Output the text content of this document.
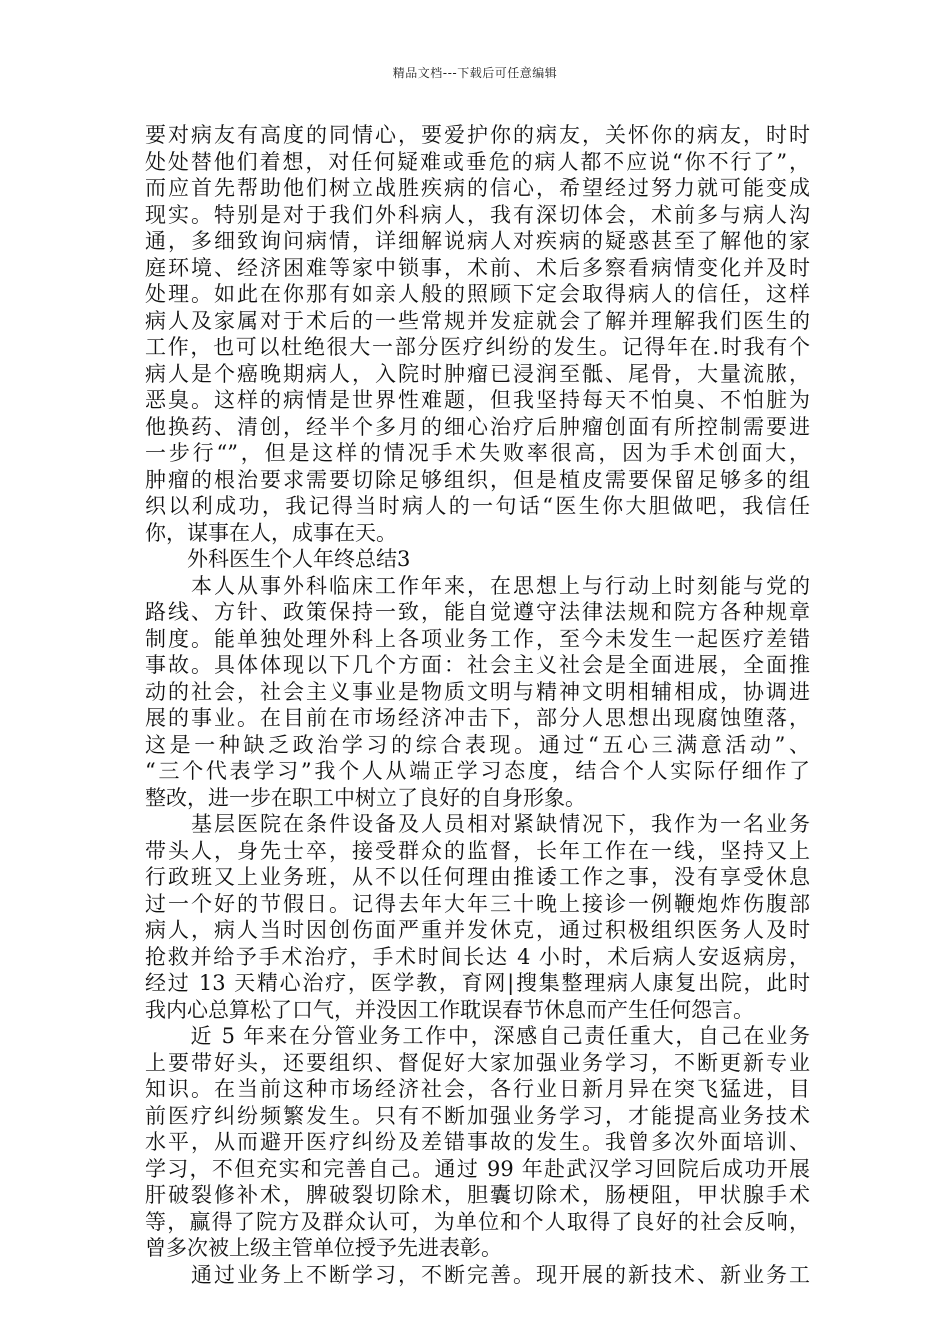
精品文档---下载后可任意编辑
要对病友有高度的同情心，要爱护你的病友，关怀你的病友，时时
处处替他们着想，对任何疑难或垂危的病人都不应说“你不行了”，
而应首先帮助他们树立战胜疾病的信心，希望经过努力就可能变成
现实。特别是对于我们外科病人，我有深切体会，术前多与病人沟
通，多细致询问病情，详细解说病人对疾病的疑惑甚至了解他的家
庭环境、经济困难等家中锁事，术前、术后多察看病情变化并及时
处理。如此在你那有如亲人般的照顾下定会取得病人的信任，这样
病人及家属对于术后的一些常规并发症就会了解并理解我们医生的
工作，也可以杜绝很大一部分医疗纠纷的发生。记得年在.时我有个
病人是个癌晚期病人，入院时肿瘤已浸润至骶、尾骨，大量流脓，
恶臭。这样的病情是世界性难题，但我坚持每天不怕臭、不怕脏为
他换药、清创，经半个多月的细心治疗后肿瘤创面有所控制需要进
一步行“”，但是这样的情况手术失败率很高，因为手术创面大，
肿瘤的根治要求需要切除足够组织，但是植皮需要保留足够多的组
织以利成功，我记得当时病人的一句话“医生你大胆做吧，我信任
你，谋事在人，成事在天。
　　外科医生个人年终总结3
　　本人从事外科临床工作年来，在思想上与行动上时刻能与党的
路线、方针、政策保持一致，能自觉遵守法律法规和院方各种规章
制度。能单独处理外科上各项业务工作，至今未发生一起医疗差错
事故。具体体现以下几个方面：社会主义社会是全面进展，全面推
动的社会，社会主义事业是物质文明与精神文明相辅相成，协调进
展的事业。在目前在市场经济冲击下，部分人思想出现腐蚀堕落，
这是一种缺乏政治学习的综合表现。通过“五心三满意活动”、
“三个代表学习”我个人从端正学习态度，结合个人实际仔细作了
整改，进一步在职工中树立了良好的自身形象。
　　基层医院在条件设备及人员相对紧缺情况下，我作为一名业务
带头人，身先士卒，接受群众的监督，长年工作在一线，坚持又上
行政班又上业务班，从不以任何理由推诿工作之事，没有享受休息
过一个好的节假日。记得去年大年三十晚上接诊一例鞭炮炸伤腹部
病人，病人当时因创伤面严重并发休克，通过积极组织医务人及时
抢救并给予手术治疗，手术时间长达 4 小时，术后病人安返病房，
经过 13 天精心治疗，医学教，育网|搜集整理病人康复出院，此时
我内心总算松了口气，并没因工作耽误春节休息而产生任何怨言。
　　近 5 年来在分管业务工作中，深感自己责任重大，自己在业务
上要带好头，还要组织、督促好大家加强业务学习，不断更新专业
知识。在当前这种市场经济社会，各行业日新月异在突飞猛进，目
前医疗纠纷频繁发生。只有不断加强业务学习，才能提高业务技术
水平，从而避开医疗纠纷及差错事故的发生。我曾多次外面培训、
学习，不但充实和完善自己。通过 99 年赴武汉学习回院后成功开展
肝破裂修补术，脾破裂切除术，胆囊切除术，肠梗阻，甲状腺手术
等，赢得了院方及群众认可，为单位和个人取得了良好的社会反响，
曾多次被上级主管单位授予先进表彰。
　　通过业务上不断学习，不断完善。现开展的新技术、新业务工
